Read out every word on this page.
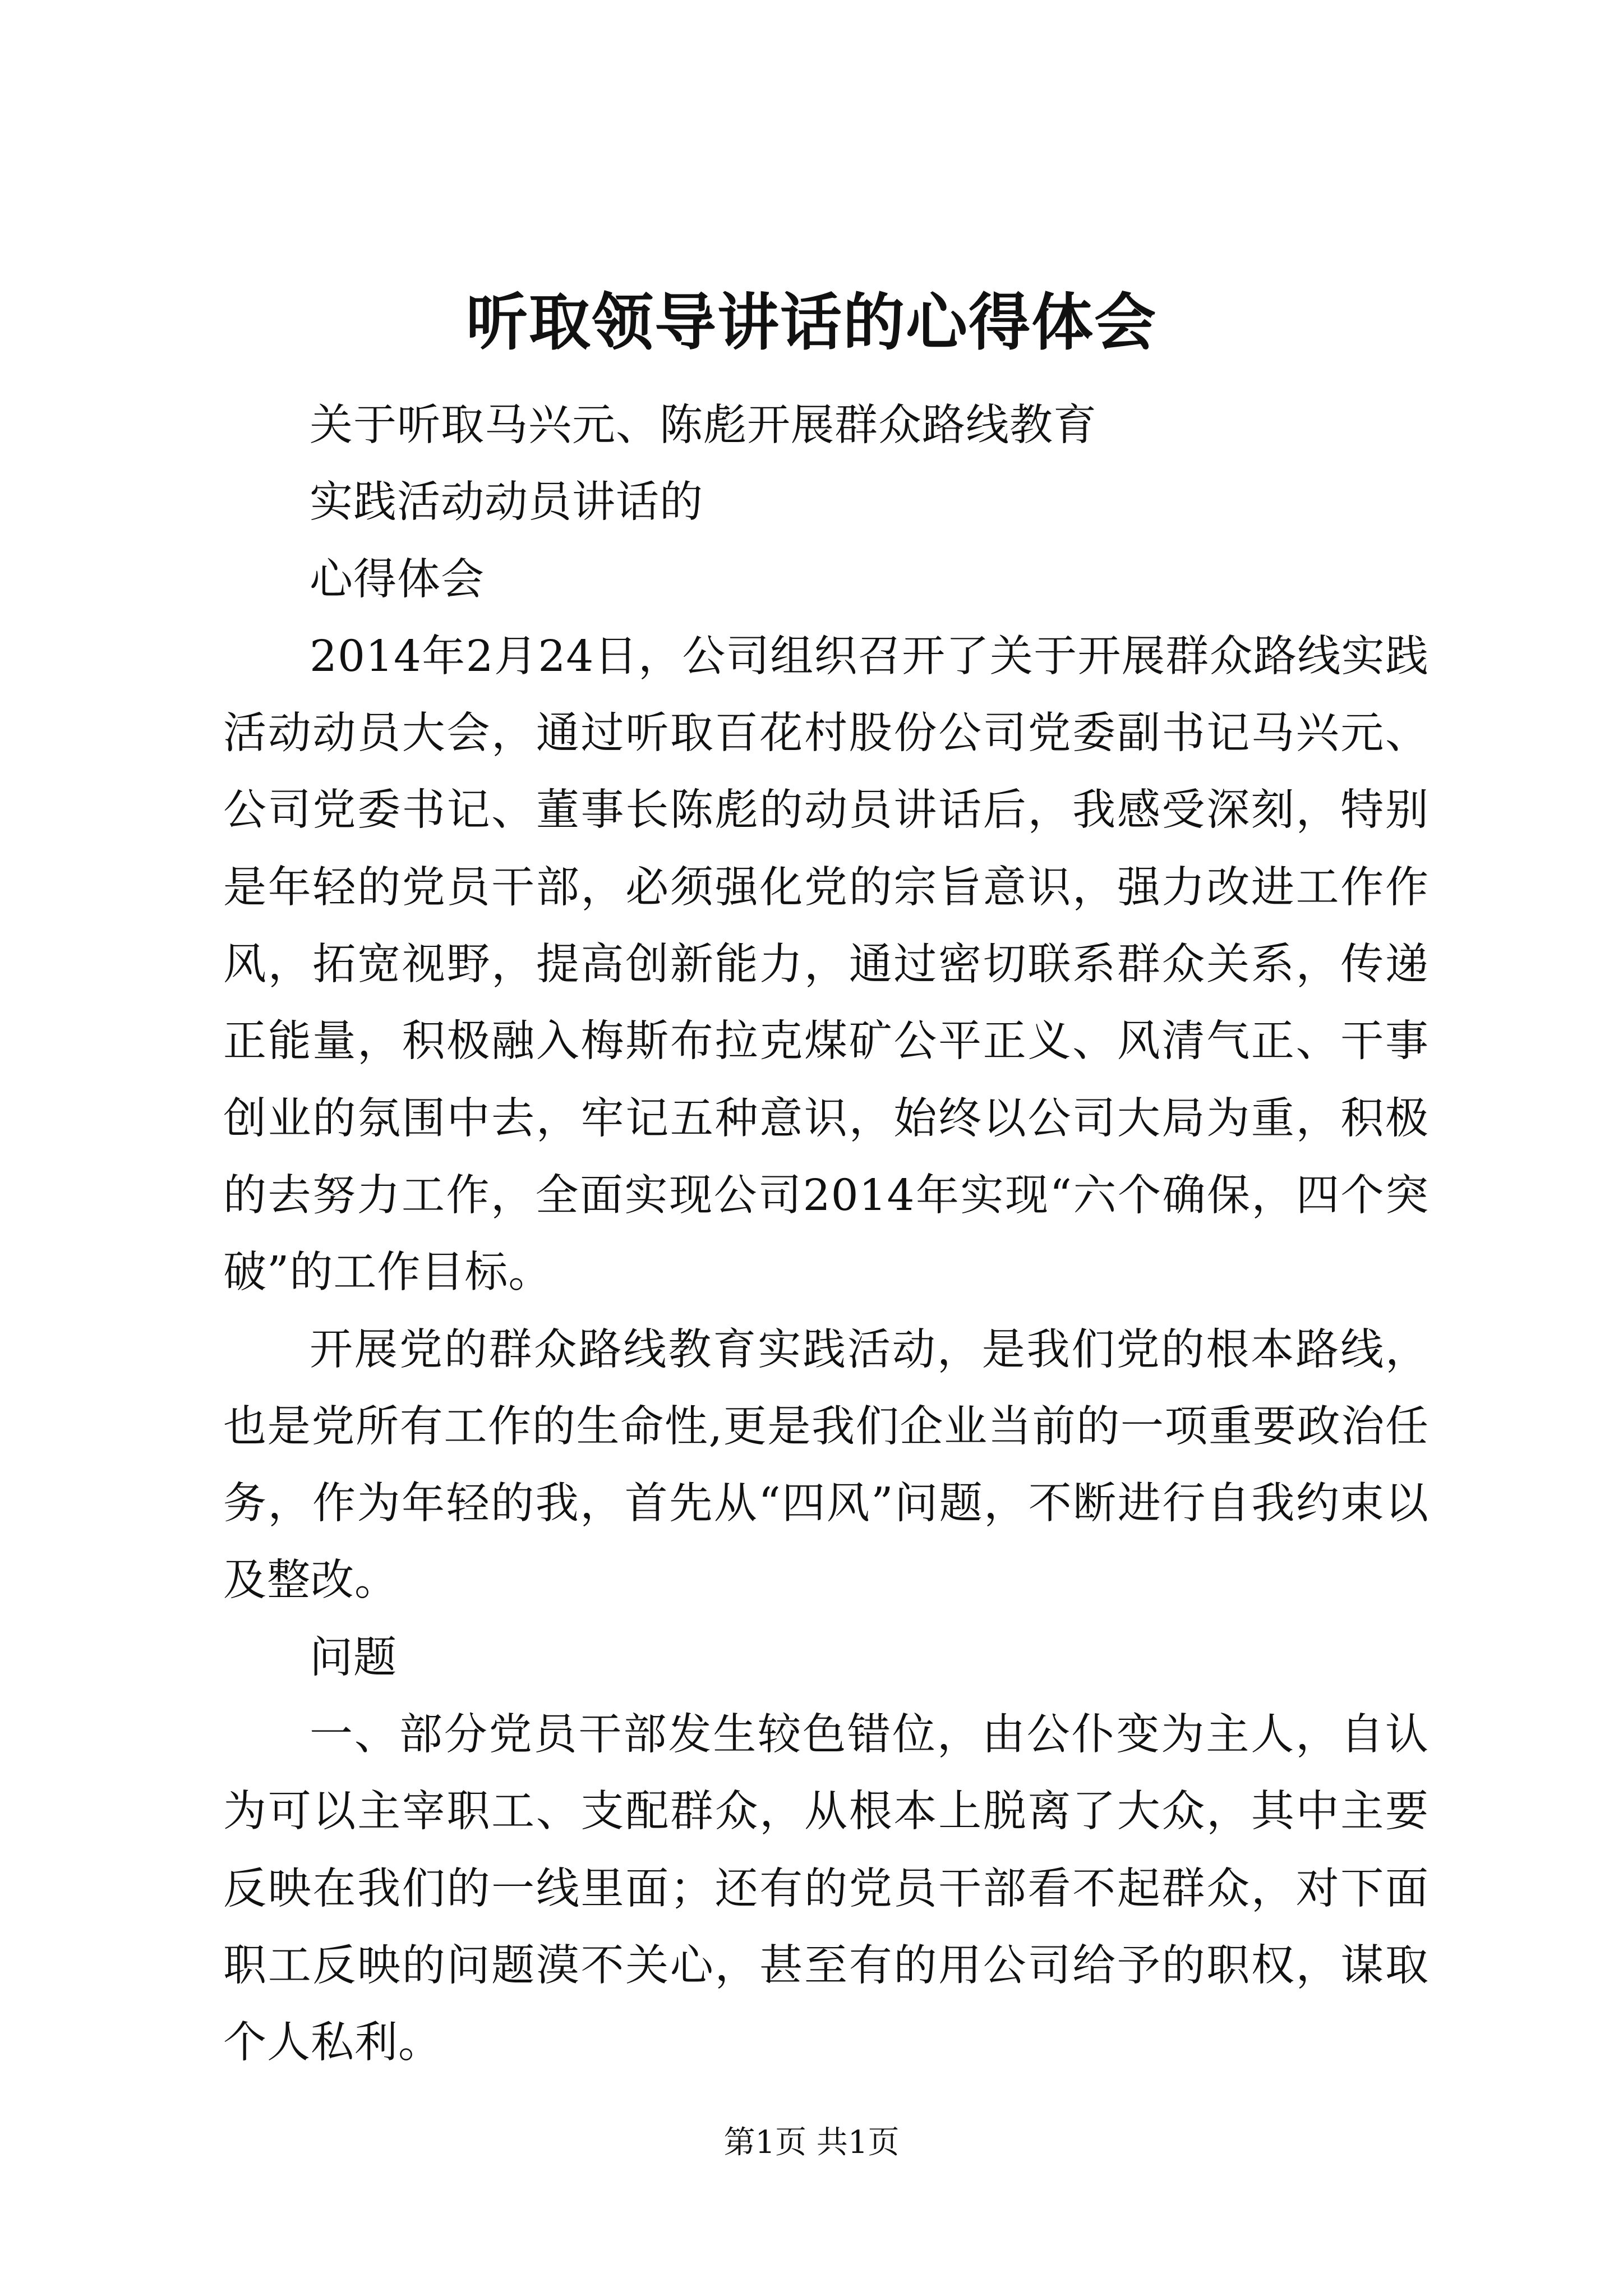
听取领导讲话的心得体会

关于听取马兴元、陈彪开展群众路线教育

实践活动动员讲话的

心得体会

2014年2月24日，公司组织召开了关于开展群众路线实践活动动员大会，通过听取百花村股份公司党委副书记马兴元、公司党委书记、董事长陈彪的动员讲话后，我感受深刻，特别是年轻的党员干部，必须强化党的宗旨意识，强力改进工作作风，拓宽视野，提高创新能力，通过密切联系群众关系，传递正能量，积极融入梅斯布拉克煤矿公平正义、风清气正、干事创业的氛围中去，牢记五种意识，始终以公司大局为重，积极的去努力工作，全面实现公司2014年实现“六个确保，四个突破”的工作目标。

开展党的群众路线教育实践活动，是我们党的根本路线，也是党所有工作的生命性,更是我们企业当前的一项重要政治任务，作为年轻的我，首先从“四风”问题，不断进行自我约束以及整改。

问题

一、部分党员干部发生较色错位，由公仆变为主人，自认为可以主宰职工、支配群众，从根本上脱离了大众，其中主要反映在我们的一线里面；还有的党员干部看不起群众，对下面职工反映的问题漠不关心，甚至有的用公司给予的职权，谋取个人私利。

第1页 共1页
